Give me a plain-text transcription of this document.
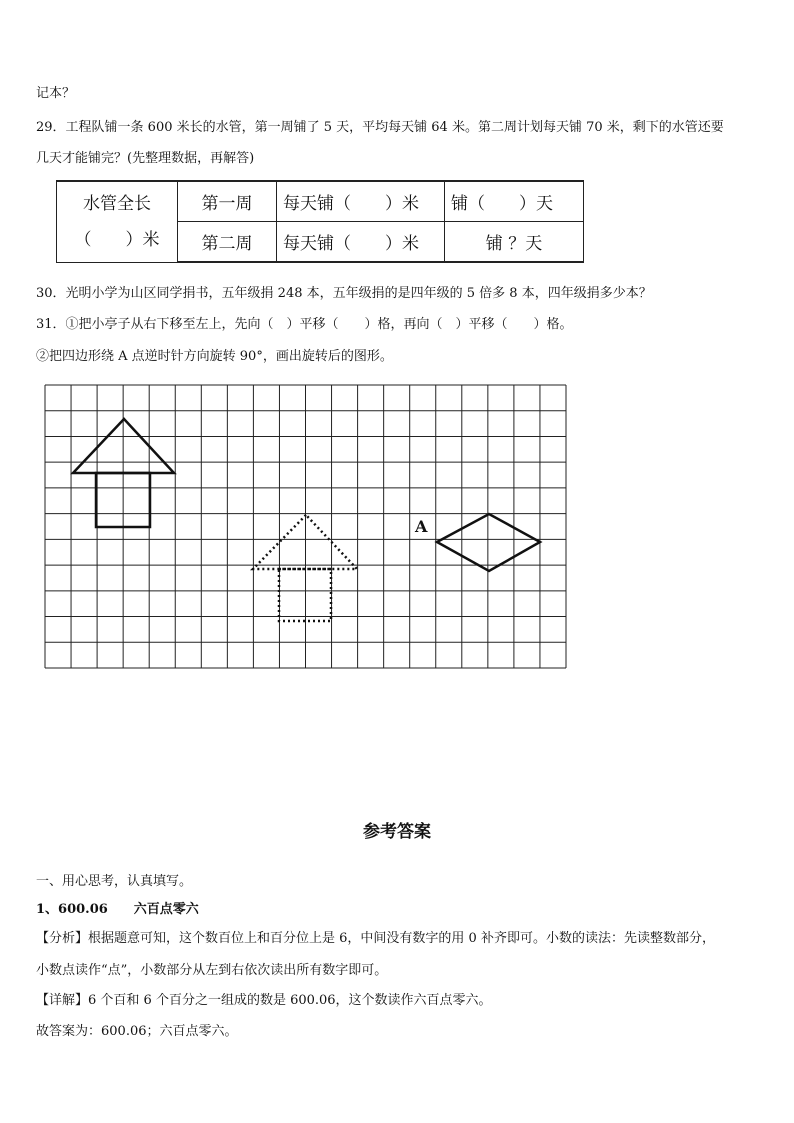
记本？
29．工程队铺一条 600 米长的水管，第一周铺了 5 天，平均每天铺 64 米。第二周计划每天铺 70 米，剩下的水管还要
几天才能铺完？(先整理数据，再解答)
水管全长
（　　）米	第一周	每天铺（　　）米	铺（　　）天
	第二周	每天铺（　　）米	铺 ？天
30．光明小学为山区同学捐书，五年级捐 248 本，五年级捐的是四年级的 5 倍多 8 本，四年级捐多少本？
31．①把小亭子从右下移至左上，先向（　）平移（　　）格，再向（　）平移（　　）格。
②把四边形绕 A 点逆时针方向旋转 90°，画出旋转后的图形。
A
参考答案
一、用心思考，认真填写。
1、600.06　　六百点零六
【分析】根据题意可知，这个数百位上和百分位上是 6，中间没有数字的用 0 补齐即可。小数的读法：先读整数部分，
小数点读作“点”，小数部分从左到右依次读出所有数字即可。
【详解】6 个百和 6 个百分之一组成的数是 600.06，这个数读作六百点零六。
故答案为：600.06；六百点零六。
